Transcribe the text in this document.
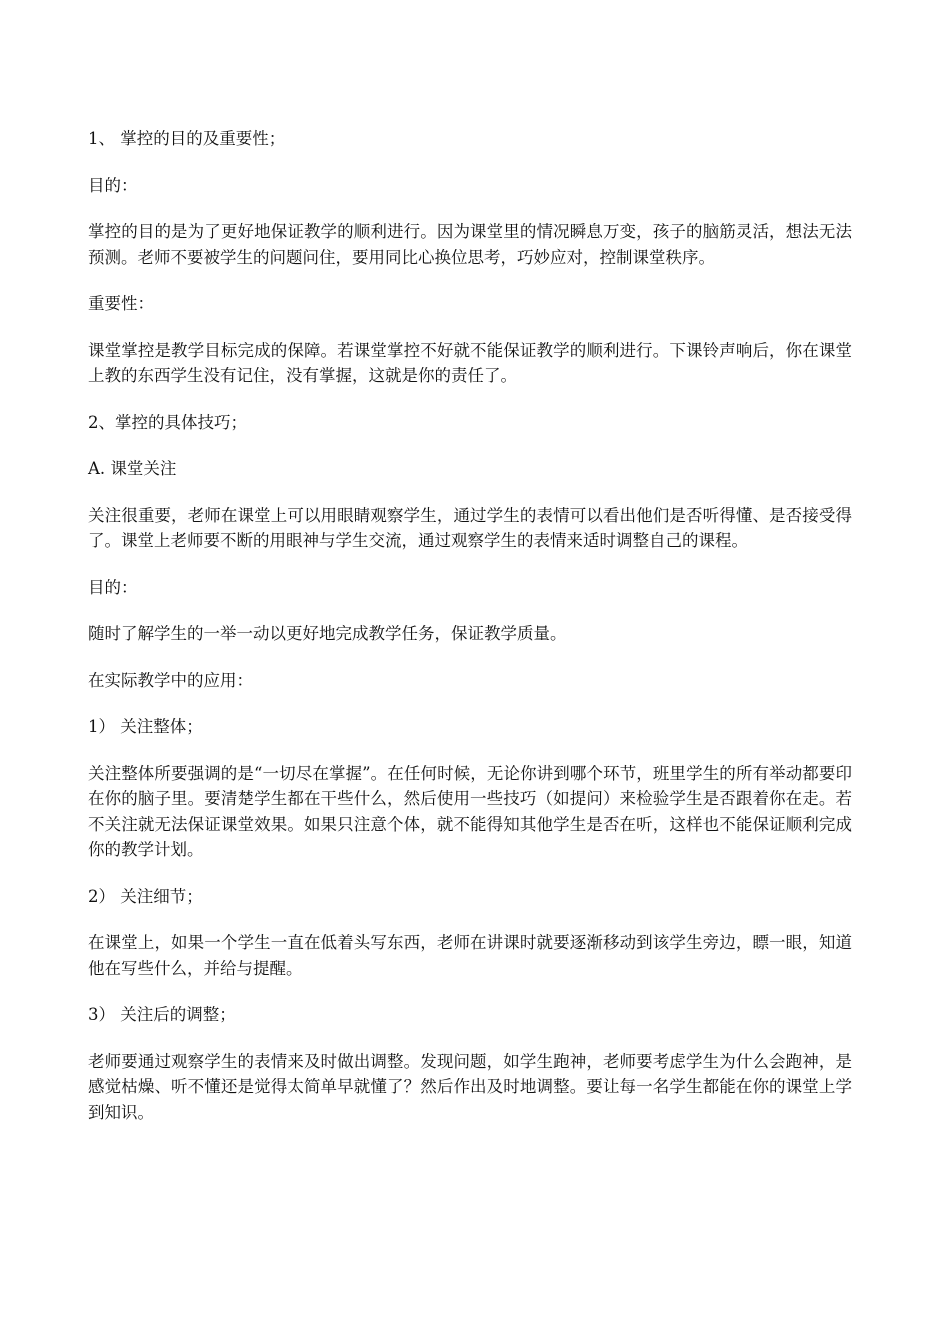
1、 掌控的目的及重要性；

目的：

掌控的目的是为了更好地保证教学的顺利进行。因为课堂里的情况瞬息万变，孩子的脑筋灵活，想法无法预测。老师不要被学生的问题问住，要用同比心换位思考，巧妙应对，控制课堂秩序。

重要性：

课堂掌控是教学目标完成的保障。若课堂掌控不好就不能保证教学的顺利进行。下课铃声响后，你在课堂上教的东西学生没有记住，没有掌握，这就是你的责任了。

2、掌控的具体技巧；

A. 课堂关注

关注很重要，老师在课堂上可以用眼睛观察学生，通过学生的表情可以看出他们是否听得懂、是否接受得了。课堂上老师要不断的用眼神与学生交流，通过观察学生的表情来适时调整自己的课程。

目的：

随时了解学生的一举一动以更好地完成教学任务，保证教学质量。

在实际教学中的应用：

1） 关注整体；

关注整体所要强调的是“一切尽在掌握”。在任何时候，无论你讲到哪个环节，班里学生的所有举动都要印在你的脑子里。要清楚学生都在干些什么，然后使用一些技巧（如提问）来检验学生是否跟着你在走。若不关注就无法保证课堂效果。如果只注意个体，就不能得知其他学生是否在听，这样也不能保证顺利完成你的教学计划。

2） 关注细节；

在课堂上，如果一个学生一直在低着头写东西，老师在讲课时就要逐渐移动到该学生旁边，瞟一眼，知道他在写些什么，并给与提醒。

3） 关注后的调整；

老师要通过观察学生的表情来及时做出调整。发现问题，如学生跑神，老师要考虑学生为什么会跑神，是感觉枯燥、听不懂还是觉得太简单早就懂了？然后作出及时地调整。要让每一名学生都能在你的课堂上学到知识。
